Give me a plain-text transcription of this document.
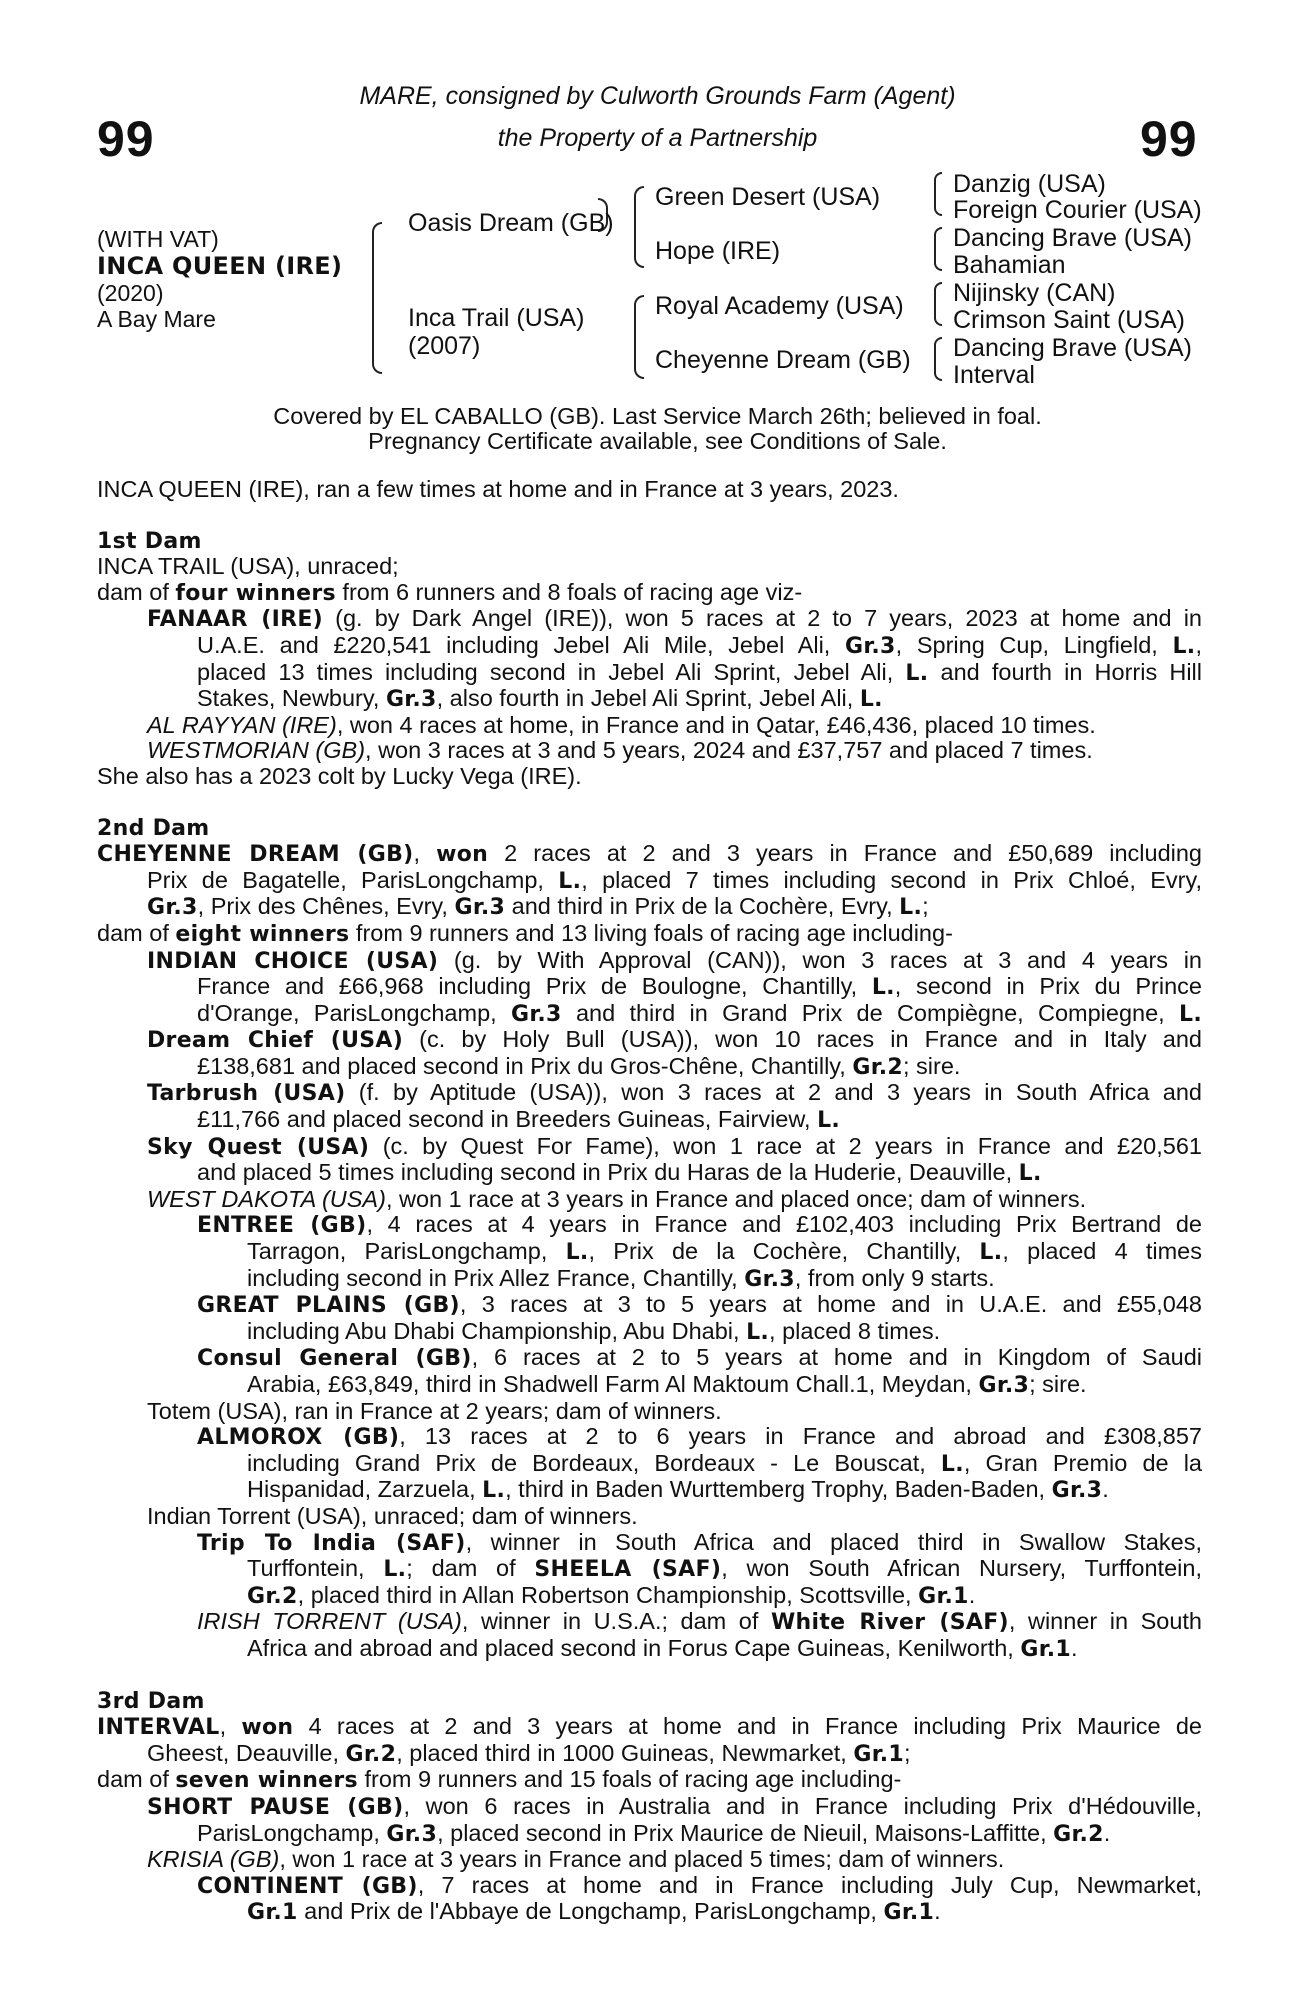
99	99
MARE, consigned by Culworth Grounds Farm (Agent)
the Property of a Partnership
(WITH VAT)
INCA QUEEN (IRE)
(2020)
A Bay Mare
Oasis Dream (GB)
Inca Trail (USA)
(2007)
Green Desert (USA)
Hope (IRE)
Royal Academy (USA)
Cheyenne Dream (GB)
Danzig (USA)
Foreign Courier (USA)
Dancing Brave (USA)
Bahamian
Nijinsky (CAN)
Crimson Saint (USA)
Dancing Brave (USA)
Interval
Covered by EL CABALLO (GB). Last Service March 26th; believed in foal.
Pregnancy Certificate available, see Conditions of Sale.

INCA QUEEN (IRE), ran a few times at home and in France at 3 years, 2023.

1st Dam

INCA TRAIL (USA), unraced;

dam of four winners from 6 runners and 8 foals of racing age viz-

FANAAR (IRE) (g. by Dark Angel (IRE)), won 5 races at 2 to 7 years, 2023 at home and in

U.A.E. and £220,541 including Jebel Ali Mile, Jebel Ali, Gr.3, Spring Cup, Lingfield, L.,

placed 13 times including second in Jebel Ali Sprint, Jebel Ali, L. and fourth in Horris Hill

Stakes, Newbury, Gr.3, also fourth in Jebel Ali Sprint, Jebel Ali, L.

AL RAYYAN (IRE), won 4 races at home, in France and in Qatar, £46,436, placed 10 times.

WESTMORIAN (GB), won 3 races at 3 and 5 years, 2024 and £37,757 and placed 7 times.

She also has a 2023 colt by Lucky Vega (IRE).

2nd Dam

CHEYENNE DREAM (GB), won 2 races at 2 and 3 years in France and £50,689 including

Prix de Bagatelle, ParisLongchamp, L., placed 7 times including second in Prix Chloé, Evry,

Gr.3, Prix des Chênes, Evry, Gr.3 and third in Prix de la Cochère, Evry, L.;

dam of eight winners from 9 runners and 13 living foals of racing age including-

INDIAN CHOICE (USA) (g. by With Approval (CAN)), won 3 races at 3 and 4 years in

France and £66,968 including Prix de Boulogne, Chantilly, L., second in Prix du Prince

d'Orange, ParisLongchamp, Gr.3 and third in Grand Prix de Compiègne, Compiegne, L.

Dream Chief (USA) (c. by Holy Bull (USA)), won 10 races in France and in Italy and

£138,681 and placed second in Prix du Gros-Chêne, Chantilly, Gr.2; sire.

Tarbrush (USA) (f. by Aptitude (USA)), won 3 races at 2 and 3 years in South Africa and

£11,766 and placed second in Breeders Guineas, Fairview, L.

Sky Quest (USA) (c. by Quest For Fame), won 1 race at 2 years in France and £20,561

and placed 5 times including second in Prix du Haras de la Huderie, Deauville, L.

WEST DAKOTA (USA), won 1 race at 3 years in France and placed once; dam of winners.

ENTREE (GB), 4 races at 4 years in France and £102,403 including Prix Bertrand de

Tarragon, ParisLongchamp, L., Prix de la Cochère, Chantilly, L., placed 4 times

including second in Prix Allez France, Chantilly, Gr.3, from only 9 starts.

GREAT PLAINS (GB), 3 races at 3 to 5 years at home and in U.A.E. and £55,048

including Abu Dhabi Championship, Abu Dhabi, L., placed 8 times.

Consul General (GB), 6 races at 2 to 5 years at home and in Kingdom of Saudi

Arabia, £63,849, third in Shadwell Farm Al Maktoum Chall.1, Meydan, Gr.3; sire.

Totem (USA), ran in France at 2 years; dam of winners.

ALMOROX (GB), 13 races at 2 to 6 years in France and abroad and £308,857

including Grand Prix de Bordeaux, Bordeaux - Le Bouscat, L., Gran Premio de la

Hispanidad, Zarzuela, L., third in Baden Wurttemberg Trophy, Baden-Baden, Gr.3.

Indian Torrent (USA), unraced; dam of winners.

Trip To India (SAF), winner in South Africa and placed third in Swallow Stakes,

Turffontein, L.; dam of SHEELA (SAF), won South African Nursery, Turffontein,

Gr.2, placed third in Allan Robertson Championship, Scottsville, Gr.1.

IRISH TORRENT (USA), winner in U.S.A.; dam of White River (SAF), winner in South

Africa and abroad and placed second in Forus Cape Guineas, Kenilworth, Gr.1.

3rd Dam

INTERVAL, won 4 races at 2 and 3 years at home and in France including Prix Maurice de

Gheest, Deauville, Gr.2, placed third in 1000 Guineas, Newmarket, Gr.1;

dam of seven winners from 9 runners and 15 foals of racing age including-

SHORT PAUSE (GB), won 6 races in Australia and in France including Prix d'Hédouville,

ParisLongchamp, Gr.3, placed second in Prix Maurice de Nieuil, Maisons-Laffitte, Gr.2.

KRISIA (GB), won 1 race at 3 years in France and placed 5 times; dam of winners.

CONTINENT (GB), 7 races at home and in France including July Cup, Newmarket,

Gr.1 and Prix de l'Abbaye de Longchamp, ParisLongchamp, Gr.1.
